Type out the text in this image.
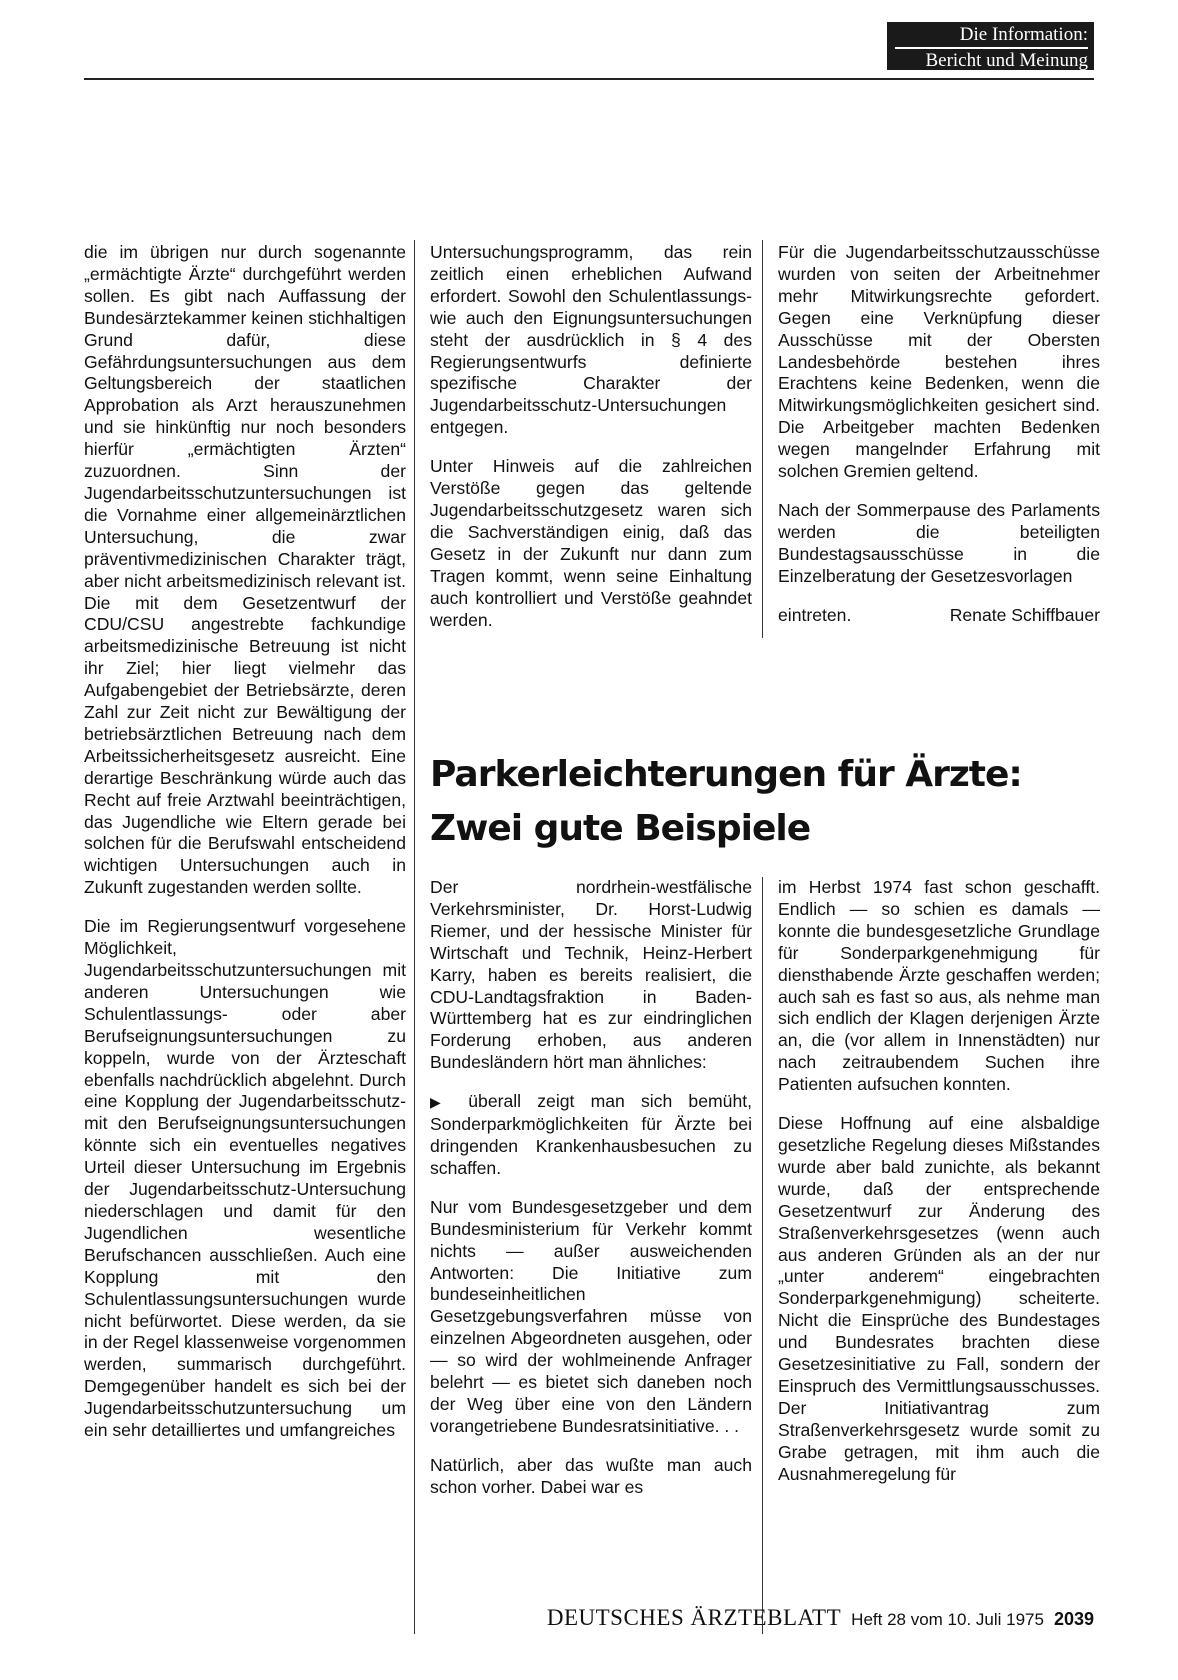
Die Information:
Bericht und Meinung

die im übrigen nur durch sogenannte „ermächtigte Ärzte“ durchgeführt werden sollen. Es gibt nach Auffassung der Bundesärztekammer keinen stichhaltigen Grund dafür, diese Gefährdungsuntersuchungen aus dem Geltungsbereich der staatlichen Approbation als Arzt herauszunehmen und sie hinkünftig nur noch besonders hierfür „ermächtigten Ärzten“ zuzuordnen. Sinn der Jugendarbeitsschutzuntersuchungen ist die Vornahme einer allgemeinärztlichen Untersuchung, die zwar präventivmedizinischen Charakter trägt, aber nicht arbeitsmedizinisch relevant ist. Die mit dem Gesetzentwurf der CDU/CSU angestrebte fachkundige arbeitsmedizinische Betreuung ist nicht ihr Ziel; hier liegt vielmehr das Aufgabengebiet der Betriebsärzte, deren Zahl zur Zeit nicht zur Bewältigung der betriebsärztlichen Betreuung nach dem Arbeitssicherheitsgesetz ausreicht. Eine derartige Beschränkung würde auch das Recht auf freie Arztwahl beeinträchtigen, das Jugendliche wie Eltern gerade bei solchen für die Berufswahl entscheidend wichtigen Untersuchungen auch in Zukunft zugestanden werden sollte.

Die im Regierungsentwurf vorgesehene Möglichkeit, Jugendarbeitsschutzuntersuchungen mit anderen Untersuchungen wie Schulentlassungs- oder aber Berufseignungsuntersuchungen zu koppeln, wurde von der Ärzteschaft ebenfalls nachdrücklich abgelehnt. Durch eine Kopplung der Jugendarbeitsschutz- mit den Berufseignungsuntersuchungen könnte sich ein eventuelles negatives Urteil dieser Untersuchung im Ergebnis der Jugendarbeitsschutz-Untersuchung niederschlagen und damit für den Jugendlichen wesentliche Berufschancen ausschließen. Auch eine Kopplung mit den Schulentlassungsuntersuchungen wurde nicht befürwortet. Diese werden, da sie in der Regel klassenweise vorgenommen werden, summarisch durchgeführt. Demgegenüber handelt es sich bei der Jugendarbeitsschutzuntersuchung um ein sehr detailliertes und umfangreiches

Untersuchungsprogramm, das rein zeitlich einen erheblichen Aufwand erfordert. Sowohl den Schulentlassungs- wie auch den Eignungsuntersuchungen steht der ausdrücklich in § 4 des Regierungsentwurfs definierte spezifische Charakter der Jugendarbeitsschutz-Untersuchungen entgegen.

Unter Hinweis auf die zahlreichen Verstöße gegen das geltende Jugendarbeitsschutzgesetz waren sich die Sachverständigen einig, daß das Gesetz in der Zukunft nur dann zum Tragen kommt, wenn seine Einhaltung auch kontrolliert und Verstöße geahndet werden.

Für die Jugendarbeitsschutzausschüsse wurden von seiten der Arbeitnehmer mehr Mitwirkungsrechte gefordert. Gegen eine Verknüpfung dieser Ausschüsse mit der Obersten Landesbehörde bestehen ihres Erachtens keine Bedenken, wenn die Mitwirkungsmöglichkeiten gesichert sind. Die Arbeitgeber machten Bedenken wegen mangelnder Erfahrung mit solchen Gremien geltend.

Nach der Sommerpause des Parlaments werden die beteiligten Bundestagsausschüsse in die Einzelberatung der Gesetzesvorlagen

eintreten.	Renate Schiffbauer
Parkerleichterungen für Ärzte:
Zwei gute Beispiele

Der nordrhein-westfälische Verkehrsminister, Dr. Horst-Ludwig Riemer, und der hessische Minister für Wirtschaft und Technik, Heinz-Herbert Karry, haben es bereits realisiert, die CDU-Landtagsfraktion in Baden-Württemberg hat es zur eindringlichen Forderung erhoben, aus anderen Bundesländern hört man ähnliches:

▶ überall zeigt man sich bemüht, Sonderparkmöglichkeiten für Ärzte bei dringenden Krankenhausbesuchen zu schaffen.

Nur vom Bundesgesetzgeber und dem Bundesministerium für Verkehr kommt nichts — außer ausweichenden Antworten: Die Initiative zum bundeseinheitlichen Gesetzgebungsverfahren müsse von einzelnen Abgeordneten ausgehen, oder — so wird der wohlmeinende Anfrager belehrt — es bietet sich daneben noch der Weg über eine von den Ländern vorangetriebene Bundesratsinitiative. . .

Natürlich, aber das wußte man auch schon vorher. Dabei war es

im Herbst 1974 fast schon geschafft. Endlich — so schien es damals — konnte die bundesgesetzliche Grundlage für Sonderparkgenehmigung für diensthabende Ärzte geschaffen werden; auch sah es fast so aus, als nehme man sich endlich der Klagen derjenigen Ärzte an, die (vor allem in Innenstädten) nur nach zeitraubendem Suchen ihre Patienten aufsuchen konnten.

Diese Hoffnung auf eine alsbaldige gesetzliche Regelung dieses Mißstandes wurde aber bald zunichte, als bekannt wurde, daß der entsprechende Gesetzentwurf zur Änderung des Straßenverkehrsgesetzes (wenn auch aus anderen Gründen als an der nur „unter anderem“ eingebrachten Sonderparkgenehmigung) scheiterte. Nicht die Einsprüche des Bundestages und Bundesrates brachten diese Gesetzesinitiative zu Fall, sondern der Einspruch des Vermittlungsausschusses. Der Initiativantrag zum Straßenverkehrsgesetz wurde somit zu Grabe getragen, mit ihm auch die Ausnahmeregelung für

DEUTSCHES ÄRZTEBLATT Heft 28 vom 10. Juli 1975 2039
